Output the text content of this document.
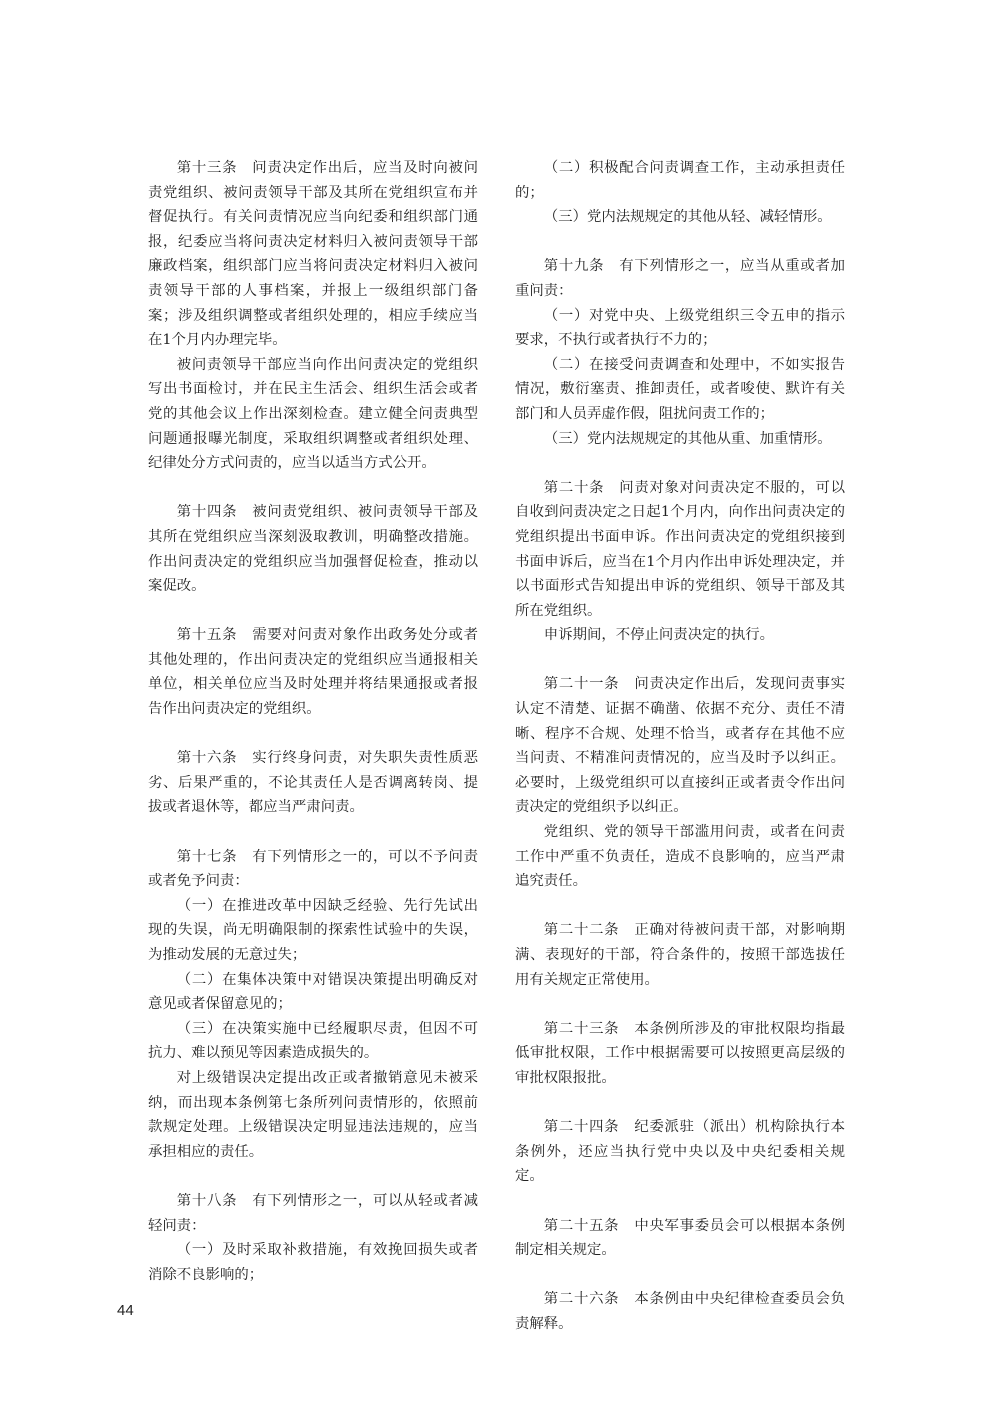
第十三条　问责决定作出后，应当及时向被问责党组织、被问责领导干部及其所在党组织宣布并督促执行。有关问责情况应当向纪委和组织部门通报，纪委应当将问责决定材料归入被问责领导干部廉政档案，组织部门应当将问责决定材料归入被问责领导干部的人事档案，并报上一级组织部门备案；涉及组织调整或者组织处理的，相应手续应当在1个月内办理完毕。

被问责领导干部应当向作出问责决定的党组织写出书面检讨，并在民主生活会、组织生活会或者党的其他会议上作出深刻检查。建立健全问责典型问题通报曝光制度，采取组织调整或者组织处理、纪律处分方式问责的，应当以适当方式公开。

第十四条　被问责党组织、被问责领导干部及其所在党组织应当深刻汲取教训，明确整改措施。作出问责决定的党组织应当加强督促检查，推动以案促改。

第十五条　需要对问责对象作出政务处分或者其他处理的，作出问责决定的党组织应当通报相关单位，相关单位应当及时处理并将结果通报或者报告作出问责决定的党组织。

第十六条　实行终身问责，对失职失责性质恶劣、后果严重的，不论其责任人是否调离转岗、提拔或者退休等，都应当严肃问责。

第十七条　有下列情形之一的，可以不予问责或者免予问责：

（一）在推进改革中因缺乏经验、先行先试出现的失误，尚无明确限制的探索性试验中的失误，为推动发展的无意过失；

（二）在集体决策中对错误决策提出明确反对意见或者保留意见的；

（三）在决策实施中已经履职尽责，但因不可抗力、难以预见等因素造成损失的。

对上级错误决定提出改正或者撤销意见未被采纳，而出现本条例第七条所列问责情形的，依照前款规定处理。上级错误决定明显违法违规的，应当承担相应的责任。

第十八条　有下列情形之一，可以从轻或者减轻问责：

（一）及时采取补救措施，有效挽回损失或者消除不良影响的；

（二）积极配合问责调查工作，主动承担责任的；

（三）党内法规规定的其他从轻、减轻情形。

第十九条　有下列情形之一，应当从重或者加重问责：

（一）对党中央、上级党组织三令五申的指示要求，不执行或者执行不力的；

（二）在接受问责调查和处理中，不如实报告情况，敷衍塞责、推卸责任，或者唆使、默许有关部门和人员弄虚作假，阻扰问责工作的；

（三）党内法规规定的其他从重、加重情形。

第二十条　问责对象对问责决定不服的，可以自收到问责决定之日起1个月内，向作出问责决定的党组织提出书面申诉。作出问责决定的党组织接到书面申诉后，应当在1个月内作出申诉处理决定，并以书面形式告知提出申诉的党组织、领导干部及其所在党组织。

申诉期间，不停止问责决定的执行。

第二十一条　问责决定作出后，发现问责事实认定不清楚、证据不确凿、依据不充分、责任不清晰、程序不合规、处理不恰当，或者存在其他不应当问责、不精准问责情况的，应当及时予以纠正。必要时，上级党组织可以直接纠正或者责令作出问责决定的党组织予以纠正。

党组织、党的领导干部滥用问责，或者在问责工作中严重不负责任，造成不良影响的，应当严肃追究责任。

第二十二条　正确对待被问责干部，对影响期满、表现好的干部，符合条件的，按照干部选拔任用有关规定正常使用。

第二十三条　本条例所涉及的审批权限均指最低审批权限，工作中根据需要可以按照更高层级的审批权限报批。

第二十四条　纪委派驻（派出）机构除执行本条例外，还应当执行党中央以及中央纪委相关规定。

第二十五条　中央军事委员会可以根据本条例制定相关规定。

第二十六条　本条例由中央纪律检查委员会负责解释。

44
